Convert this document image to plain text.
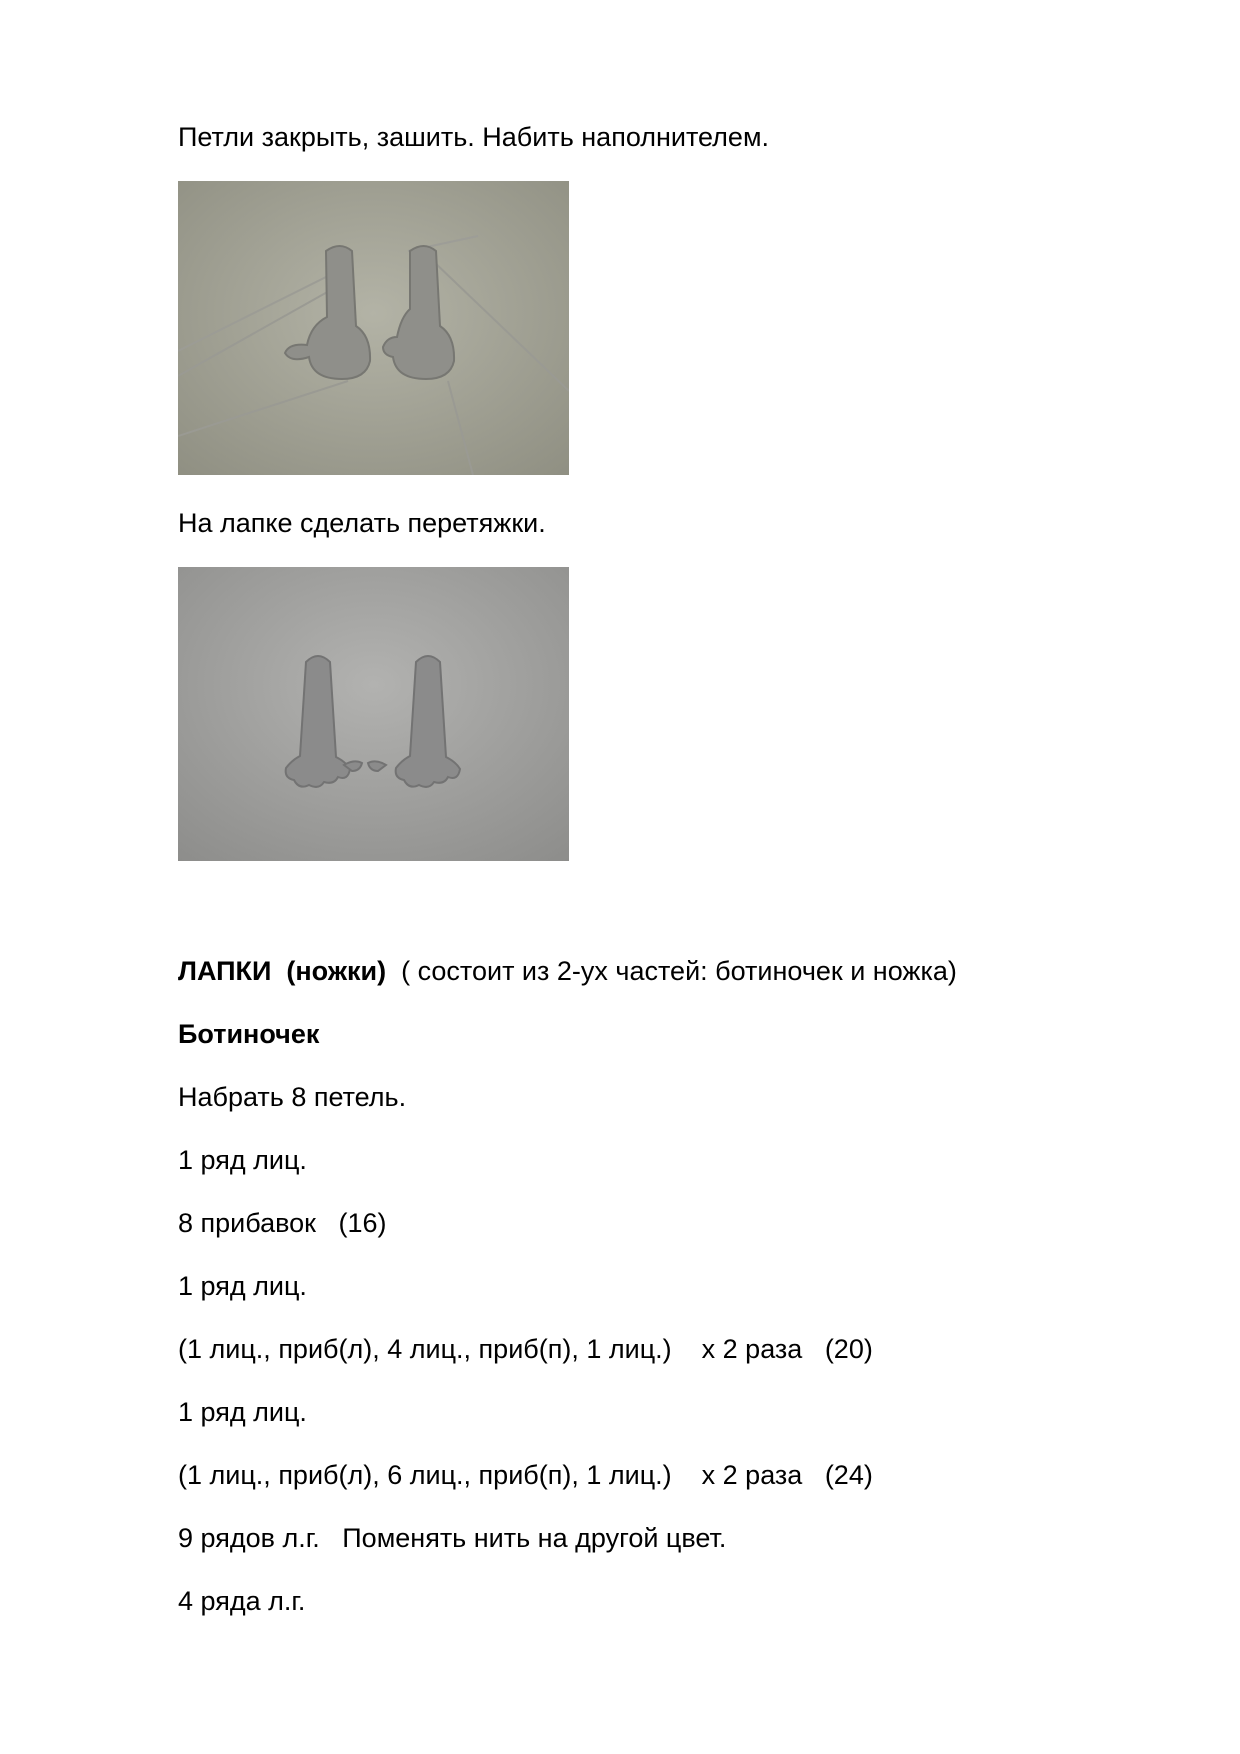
Петли закрыть, зашить. Набить наполнителем.
На лапке сделать перетяжки.
ЛАПКИ  (ножки) ( состоит из 2-ух частей: ботиночек и ножка)
Ботиночек
Набрать 8 петель.
1 ряд лиц.
8 прибавок   (16)
1 ряд лиц.
(1 лиц., приб(л), 4 лиц., приб(п), 1 лиц.)    х 2 раза   (20)
1 ряд лиц.
(1 лиц., приб(л), 6 лиц., приб(п), 1 лиц.)    х 2 раза   (24)
9 рядов л.г.   Поменять нить на другой цвет.
4 ряда л.г.
